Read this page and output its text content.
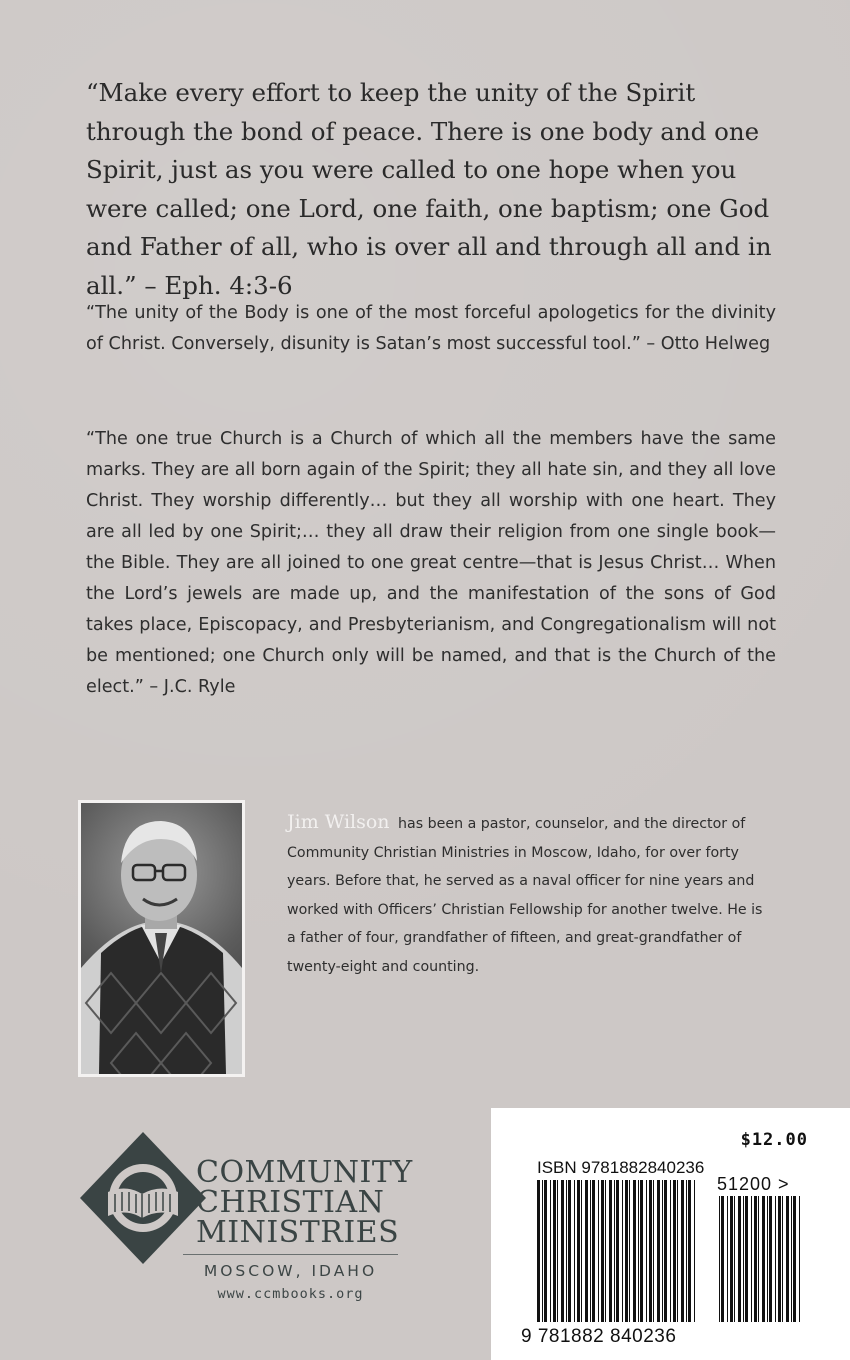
“Make every effort to keep the unity of the Spirit through the bond of peace. There is one body and one Spirit, just as you were called to one hope when you were called; one Lord, one faith, one baptism; one God and Father of all, who is over all and through all and in all.” – Eph. 4:3-6

“The unity of the Body is one of the most forceful apologetics for the divinity of Christ. Conversely, disunity is Satan’s most successful tool.” – Otto Helweg

“The one true Church is a Church of which all the members have the same marks. They are all born again of the Spirit; they all hate sin, and they all love Christ. They worship differently… but they all worship with one heart. They are all led by one Spirit;… they all draw their religion from one single book—the Bible. They are all joined to one great centre—that is Jesus Christ… When the Lord’s jewels are made up, and the manifestation of the sons of God takes place, Episcopacy, and Presbyterianism, and Congregationalism will not be mentioned; one Church only will be named, and that is the Church of the elect.” – J.C. Ryle

Jim Wilson has been a pastor, counselor, and the director of Community Christian Ministries in Moscow, Idaho, for over forty years. Before that, he served as a naval officer for nine years and worked with Officers’ Christian Fellowship for another twelve. He is a father of four, grandfather of fifteen, and great-grandfather of twenty-eight and counting.

COMMUNITY
CHRISTIAN
MINISTRIES
MOSCOW, IDAHO
www.ccmbooks.org
$12.00
ISBN 9781882840236
51200 >
9 781882 840236
